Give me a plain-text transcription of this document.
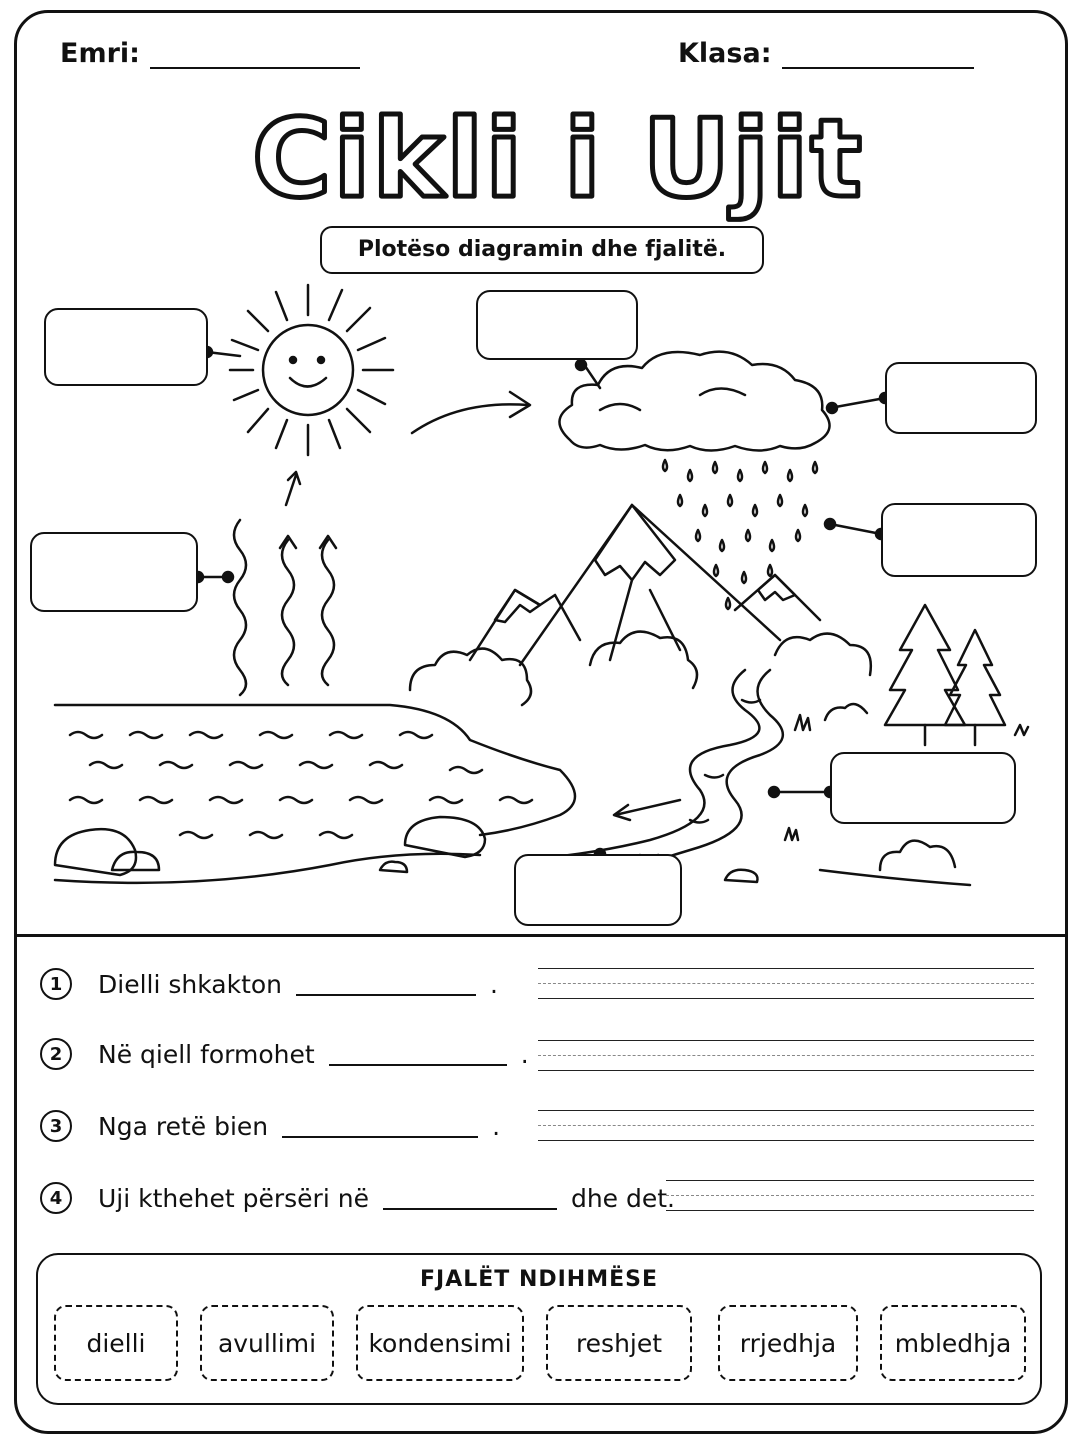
Emri:	Klasa:
Cikli i Ujit
Plotëso diagramin dhe fjalitë.
1	Dielli shkakton	.
2	Në qiell formohet	.
3	Nga retë bien	.
4	Uji kthehet përsëri në	dhe det.
FJALËT NDIHMËSE
dielli	avullimi	kondensimi	reshjet	rrjedhja	mbledhja
